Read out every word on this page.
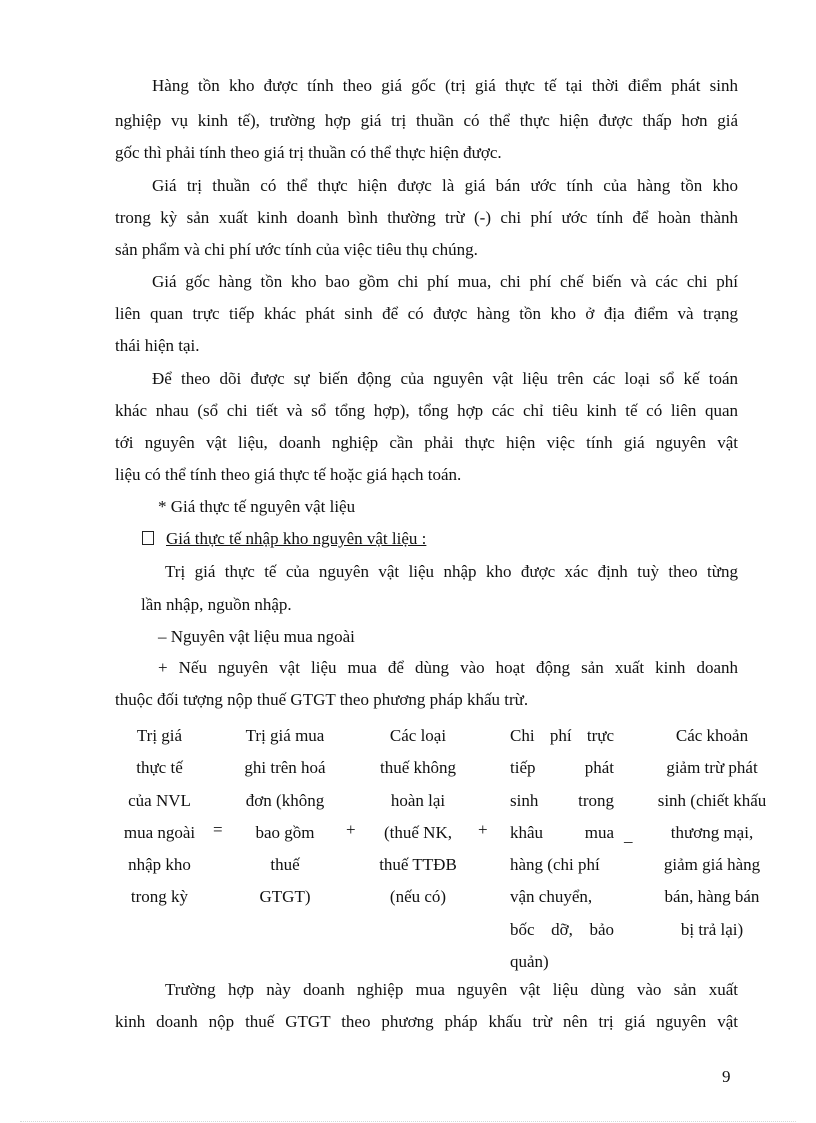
Hàng tồn kho được tính theo giá gốc (trị giá thực tế tại thời điểm phát sinh
nghiệp vụ kinh tế), trường hợp giá trị thuần có thể thực hiện được thấp hơn giá
gốc thì phải tính theo giá trị thuần có thể thực hiện được.
Giá trị thuần có thể thực hiện được là giá bán ước tính của hàng tồn kho
trong kỳ sản xuất kinh doanh bình thường trừ (-) chi phí ước tính để hoàn thành
sản phẩm và chi phí ước tính của việc tiêu thụ chúng.
Giá gốc hàng tồn kho bao gồm chi phí mua, chi phí chế biến và các chi phí
liên quan trực tiếp khác phát sinh để có được hàng tồn kho ở địa điểm và trạng
thái hiện tại.
Để theo dõi được sự biến động của nguyên vật liệu trên các loại sổ kế toán
khác nhau (sổ chi tiết và sổ tổng hợp), tổng hợp các chỉ tiêu kinh tế có liên quan
tới nguyên vật liệu, doanh nghiệp cần phải thực hiện việc tính giá nguyên vật
liệu có thể tính theo giá thực tế hoặc giá hạch toán.
* Giá thực tế nguyên vật liệu
Giá thực tế nhập kho nguyên vật liệu :
Trị giá thực tế của nguyên vật liệu nhập kho được xác định tuỳ theo từng
lần nhập, nguồn nhập.
– Nguyên vật liệu mua ngoài
+ Nếu nguyên vật liệu mua để dùng vào hoạt động sản xuất kinh doanh
thuộc đối tượng nộp thuế GTGT theo phương pháp khấu trừ.
Trị giá
thực tế
của NVL
mua ngoài
nhập kho
trong kỳ
=
Trị giá mua
ghi trên hoá
đơn (không
bao gồm
thuế
GTGT)
+
Các loại
thuế không
hoàn lại
(thuế NK,
thuế TTĐB
(nếu có)
+
Chi phí trực
tiếp phát
sinh trong
khâu mua
hàng (chi phí
vận chuyển,
bốc dỡ, bảo
quản)
_
Các khoản
giảm trừ phát
sinh (chiết khấu
thương mại,
giảm giá hàng
bán, hàng bán
bị trả lại)
Trường hợp này doanh nghiệp mua nguyên vật liệu dùng vào sản xuất
kinh doanh nộp thuế GTGT theo phương pháp khấu trừ nên trị giá nguyên vật
9
